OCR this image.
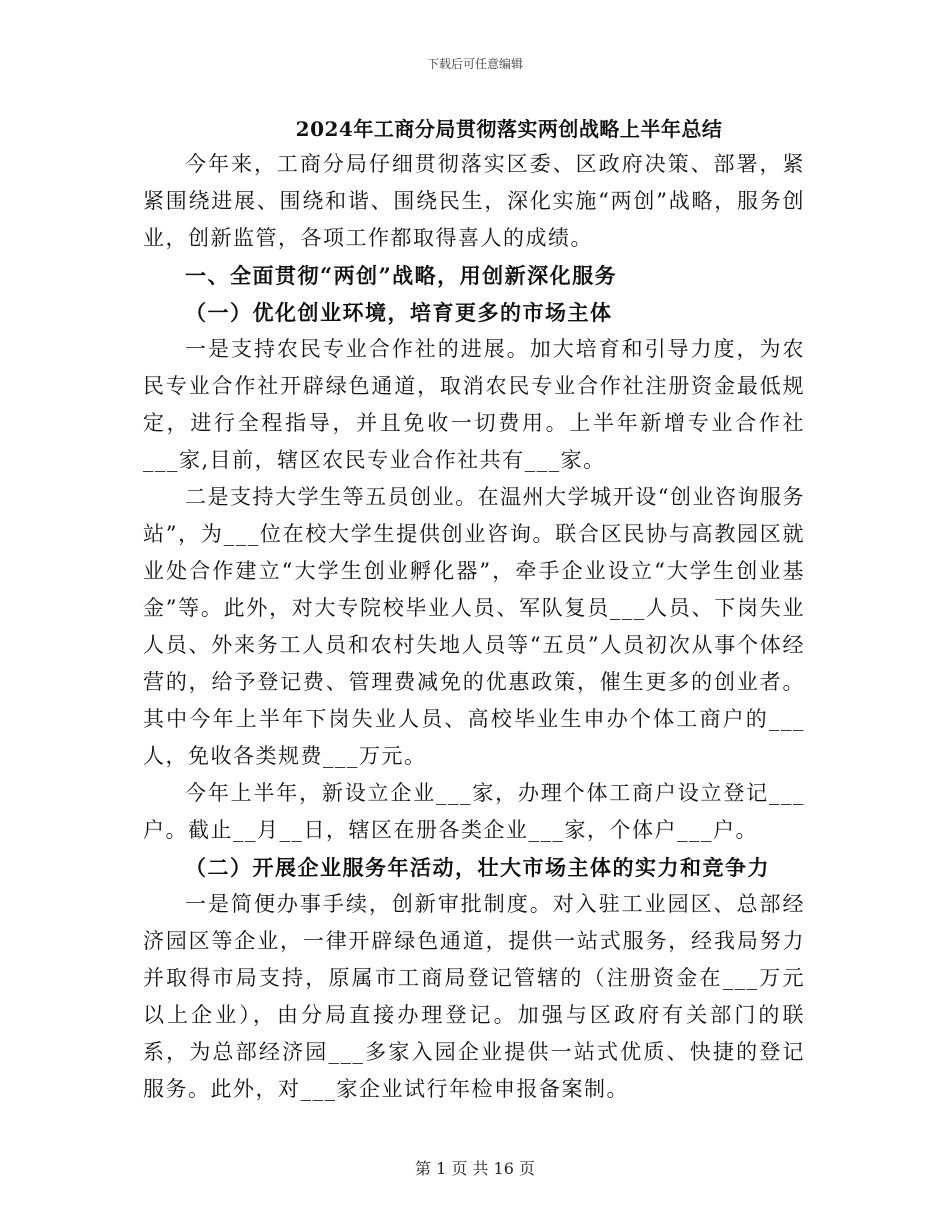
下载后可任意编辑
2024年工商分局贯彻落实两创战略上半年总结

今年来，工商分局仔细贯彻落实区委、区政府决策、部署，紧紧围绕进展、围绕和谐、围绕民生，深化实施“两创”战略，服务创业，创新监管，各项工作都取得喜人的成绩。

一、全面贯彻“两创”战略，用创新深化服务

（一）优化创业环境，培育更多的市场主体

一是支持农民专业合作社的进展。加大培育和引导力度，为农民专业合作社开辟绿色通道，取消农民专业合作社注册资金最低规定，进行全程指导，并且免收一切费用。上半年新增专业合作社___家,目前，辖区农民专业合作社共有___家。

二是支持大学生等五员创业。在温州大学城开设“创业咨询服务站”，为___位在校大学生提供创业咨询。联合区民协与高教园区就业处合作建立“大学生创业孵化器”，牵手企业设立“大学生创业基金”等。此外，对大专院校毕业人员、军队复员___人员、下岗失业人员、外来务工人员和农村失地人员等“五员”人员初次从事个体经营的，给予登记费、管理费减免的优惠政策，催生更多的创业者。其中今年上半年下岗失业人员、高校毕业生申办个体工商户的___人，免收各类规费___万元。

今年上半年，新设立企业___家，办理个体工商户设立登记___户。截止__月__日，辖区在册各类企业___家，个体户___户。

（二）开展企业服务年活动，壮大市场主体的实力和竞争力

一是简便办事手续，创新审批制度。对入驻工业园区、总部经济园区等企业，一律开辟绿色通道，提供一站式服务，经我局努力并取得市局支持，原属市工商局登记管辖的（注册资金在___万元以上企业），由分局直接办理登记。加强与区政府有关部门的联系，为总部经济园___多家入园企业提供一站式优质、快捷的登记服务。此外，对___家企业试行年检申报备案制。

第 1 页 共 16 页
